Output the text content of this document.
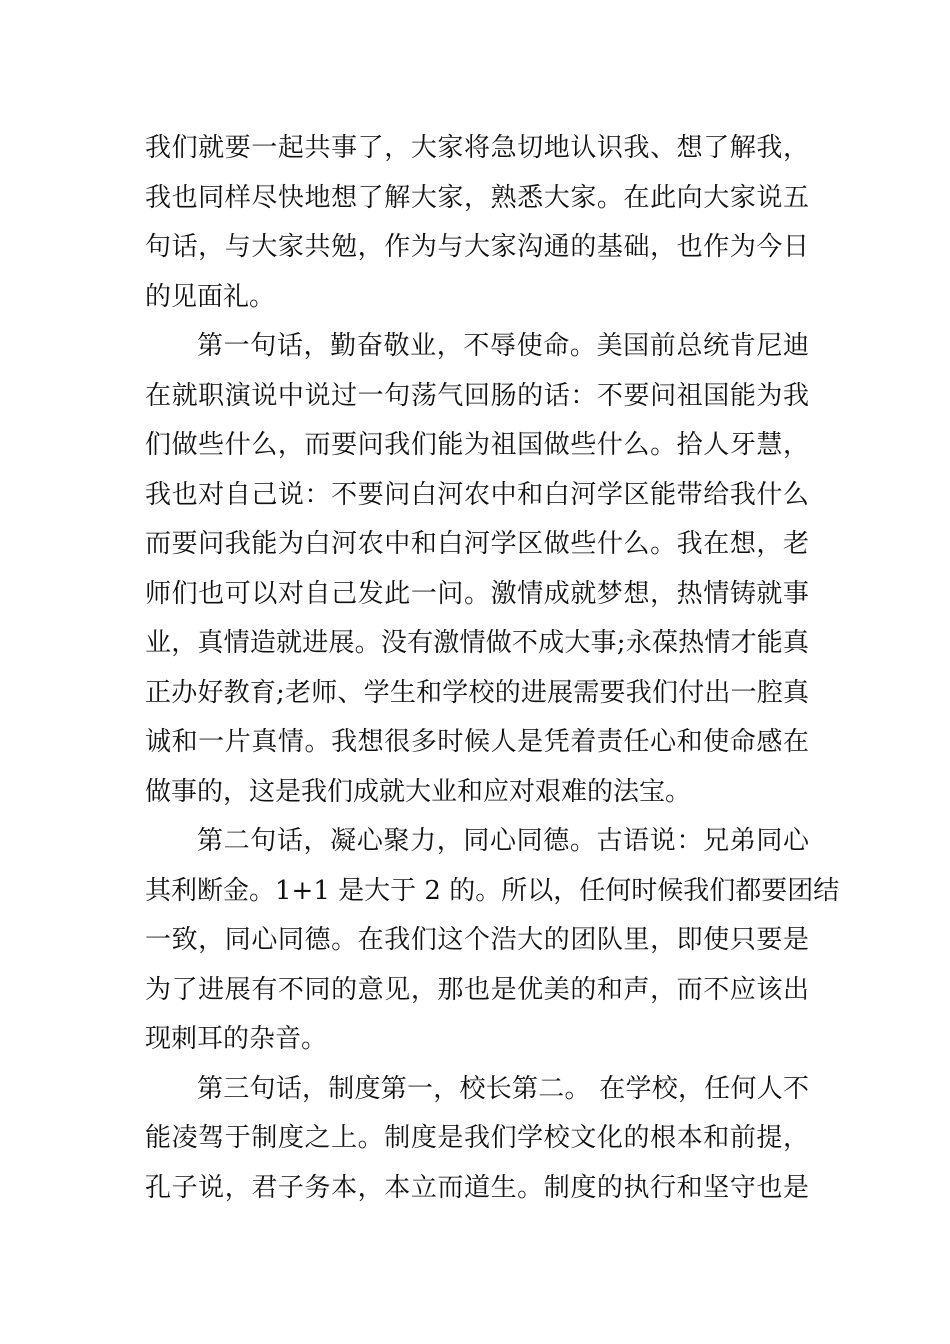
我们就要一起共事了，大家将急切地认识我、想了解我，
我也同样尽快地想了解大家，熟悉大家。在此向大家说五
句话，与大家共勉，作为与大家沟通的基础，也作为今日
的见面礼。
第一句话，勤奋敬业，不辱使命。美国前总统肯尼迪
在就职演说中说过一句荡气回肠的话：不要问祖国能为我
们做些什么，而要问我们能为祖国做些什么。拾人牙慧，
我也对自己说：不要问白河农中和白河学区能带给我什么
而要问我能为白河农中和白河学区做些什么。我在想，老
师们也可以对自己发此一问。激情成就梦想，热情铸就事
业，真情造就进展。没有激情做不成大事;永葆热情才能真
正办好教育;老师、学生和学校的进展需要我们付出一腔真
诚和一片真情。我想很多时候人是凭着责任心和使命感在
做事的，这是我们成就大业和应对艰难的法宝。
第二句话，凝心聚力，同心同德。古语说：兄弟同心
其利断金。1+1 是大于 2 的。所以，任何时候我们都要团结
一致，同心同德。在我们这个浩大的团队里，即使只要是
为了进展有不同的意见，那也是优美的和声，而不应该出
现刺耳的杂音。
第三句话，制度第一，校长第二。 在学校，任何人不
能凌驾于制度之上。制度是我们学校文化的根本和前提，
孔子说，君子务本，本立而道生。制度的执行和坚守也是
